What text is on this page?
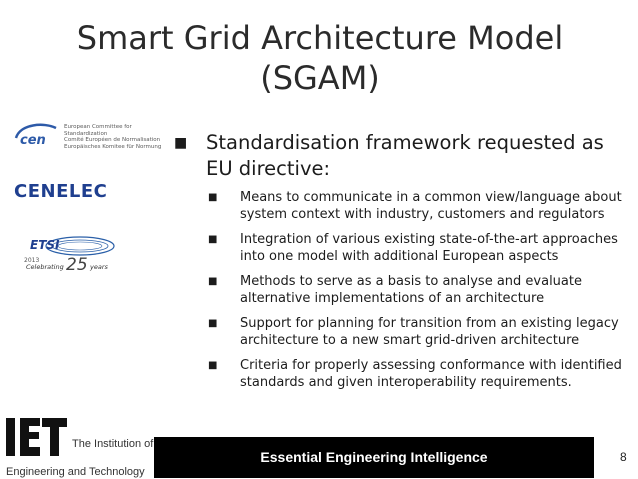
Smart Grid Architecture Model
(SGAM)
cen
European Committee for Standardization
Comité Européen de Normalisation
Europäisches Komitee für Normung
CENELEC
ETSI
2013
Celebrating 25 years
■ Standardisation framework requested as EU directive:
■ Means to communicate in a common view/language about system context with industry, customers and regulators
■ Integration of various existing state-of-the-art approaches into one model with additional European aspects
■ Methods to serve as a basis to analyse and evaluate alternative implementations of an architecture
■ Support for planning for transition from an existing legacy architecture to a new smart grid-driven architecture
■ Criteria for properly assessing conformance with identified standards and given interoperability requirements.
The Institution of
Engineering and Technology
Essential Engineering Intelligence	8
